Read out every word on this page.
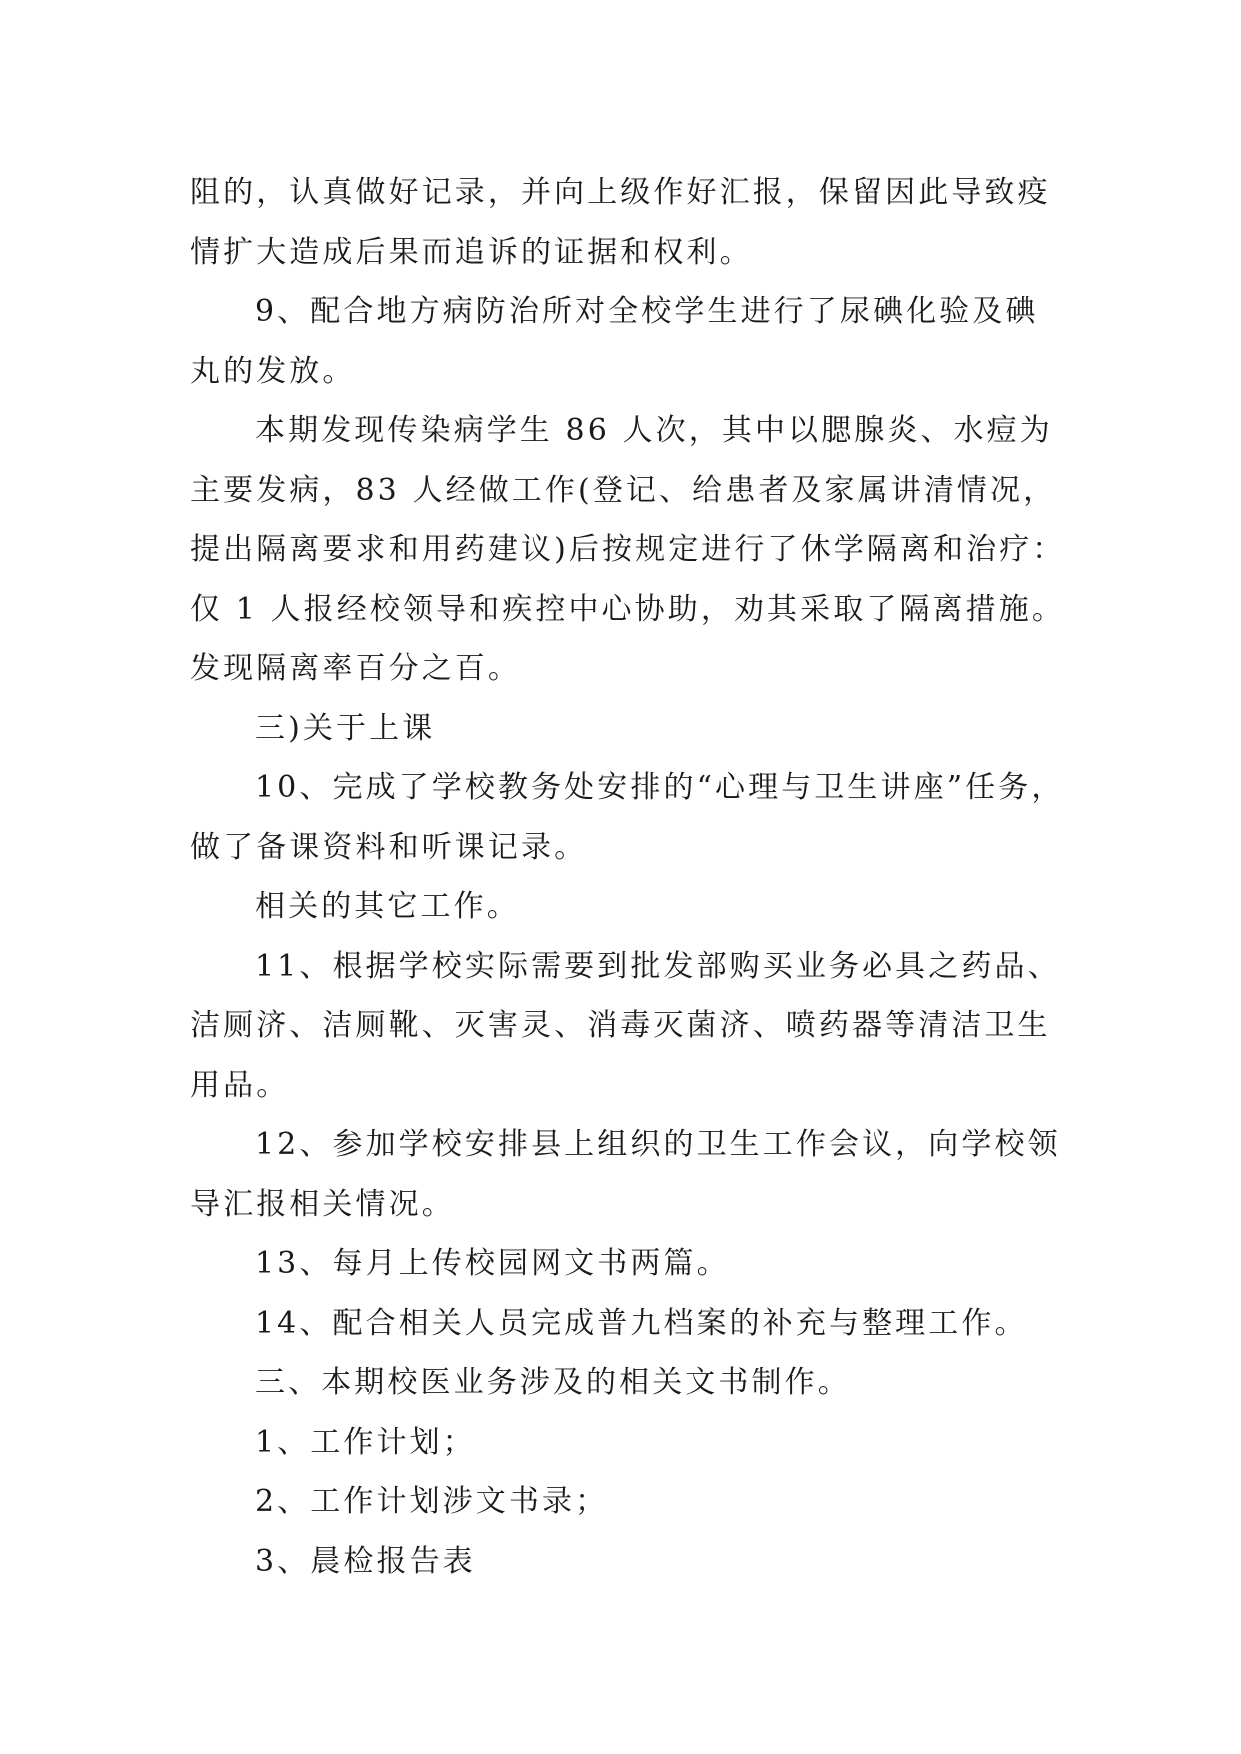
阻的，认真做好记录，并向上级作好汇报，保留因此导致疫

情扩大造成后果而追诉的证据和权利。

9、配合地方病防治所对全校学生进行了尿碘化验及碘

丸的发放。

本期发现传染病学生 86 人次，其中以腮腺炎、水痘为

主要发病，83 人经做工作(登记、给患者及家属讲清情况，

提出隔离要求和用药建议)后按规定进行了休学隔离和治疗：

仅 1 人报经校领导和疾控中心协助，劝其采取了隔离措施。

发现隔离率百分之百。

三)关于上课

10、完成了学校教务处安排的“心理与卫生讲座”任务，

做了备课资料和听课记录。

相关的其它工作。

11、根据学校实际需要到批发部购买业务必具之药品、

洁厕济、洁厕靴、灭害灵、消毒灭菌济、喷药器等清洁卫生

用品。

12、参加学校安排县上组织的卫生工作会议，向学校领

导汇报相关情况。

13、每月上传校园网文书两篇。

14、配合相关人员完成普九档案的补充与整理工作。

三、本期校医业务涉及的相关文书制作。

1、工作计划；

2、工作计划涉文书录；

3、晨检报告表
